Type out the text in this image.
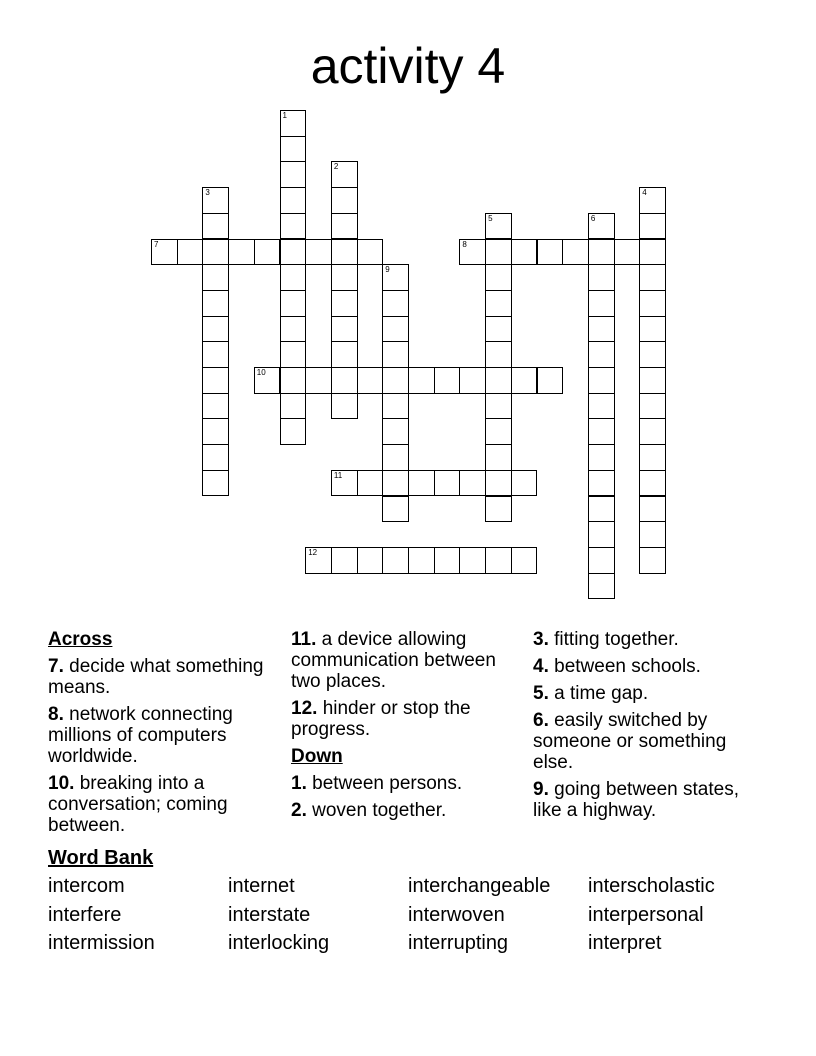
activity 4
7	8
10
11
12
1
2
3	4
5	6
9
Across
7. decide what something means.
8. network connecting millions of computers worldwide.
10. breaking into a conversation; coming between.
11. a device allowing communication between two places.
12. hinder or stop the progress.
Down
1. between persons.
2. woven together.
3. fitting together.
4. between schools.
5. a time gap.
6. easily switched by someone or something else.
9. going between states, like a highway.
Word Bank
intercom	internet	interchangeable interscholastic
interfere	interstate	interwoven	interpersonal
intermission	interlocking	interrupting	interpret
